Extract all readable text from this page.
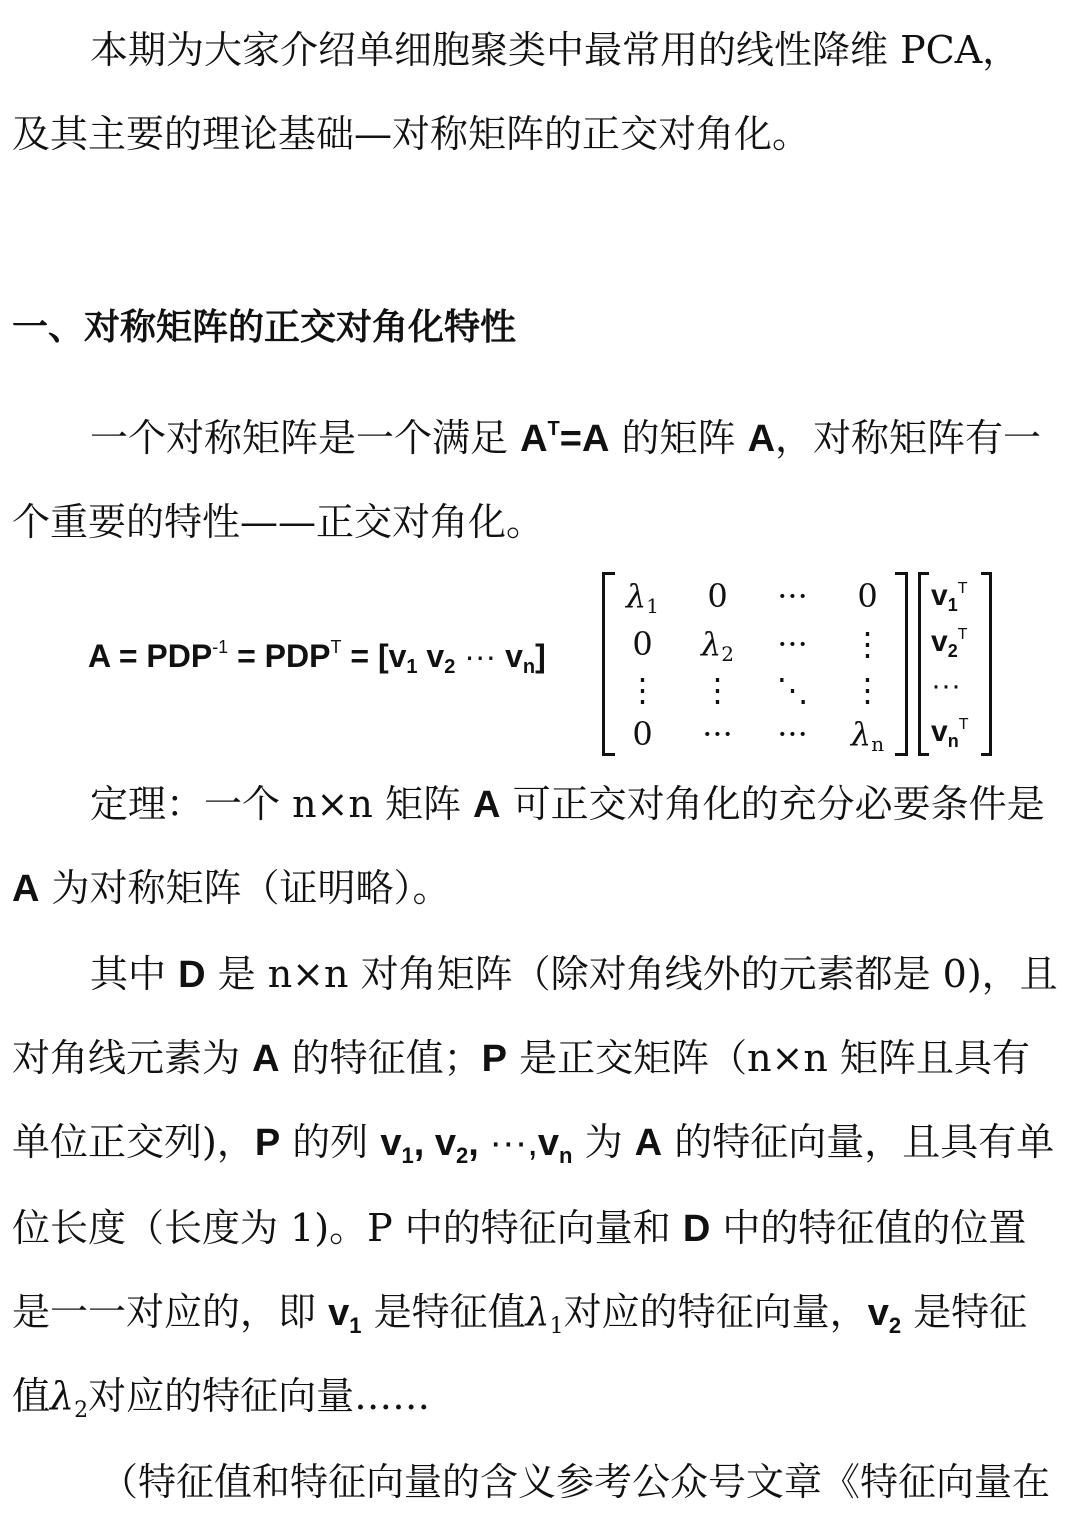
本期为大家介绍单细胞聚类中最常用的线性降维 PCA，
及其主要的理论基础—对称矩阵的正交对角化。
一、对称矩阵的正交对角化特性
一个对称矩阵是一个满足 $A^T=A$ 的矩阵 A，对称矩阵有一
个重要的特性——正交对角化。
$A = PDP^{-1} = PDP^T = [v_1$ $v_2$ ··· $v_n$]
$\lambda_1$	0	···	0
0	$\lambda_2$	···	⋮
⋮	⋮	⋱	⋮
0	···	···	$\lambda_n$
$v_1^T$
$v_2^T$
···
$v_n^T$
定理：一个 n×n 矩阵 A 可正交对角化的充分必要条件是
A 为对称矩阵（证明略）。
其中 D 是 n×n 对角矩阵（除对角线外的元素都是 0)，且
对角线元素为 A 的特征值；P 是正交矩阵（n×n 矩阵且具有
单位正交列)，P 的列 $v_1$, $v_2$, $\cdot\cdot\cdot,v_n$ 为 A 的特征向量，且具有单
位长度（长度为 1)。P 中的特征向量和 D 中的特征值的位置
是一一对应的，即 $v_1$ 是特征值$\lambda_1$对应的特征向量，$v_2$ 是特征
值$\lambda_2$对应的特征向量……
（特征值和特征向量的含义参考公众号文章《特征向量在
